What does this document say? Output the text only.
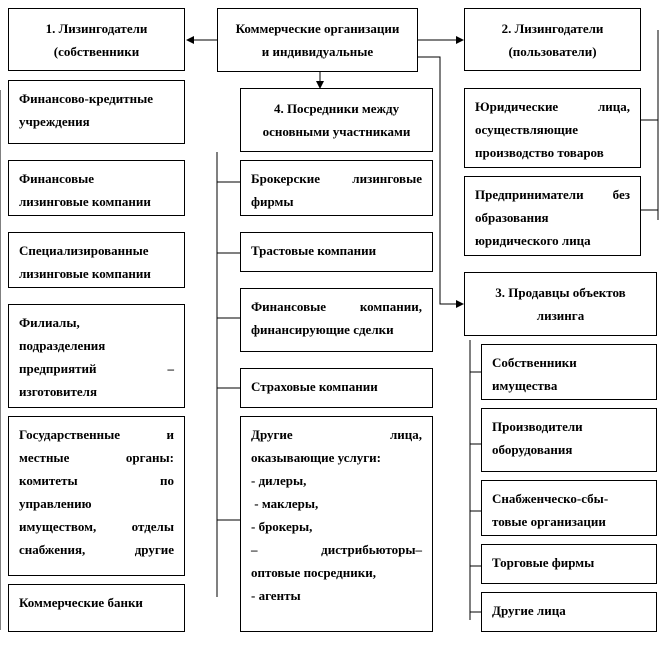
1. Лизингодатели
(собственники
Коммерческие организации
и индивидуальные
2. Лизингодатели
(пользователи)
4. Посредники между
основными участниками
3. Продавцы объектов
лизинга
Финансово-кредитные
учреждения
Финансовые
лизинговые компании
Специализированные
лизинговые компании
Филиалы,
подразделения
предприятий –
изготовителя
Государственные и
местные органы:
комитеты по
управлению
имуществом, отделы
снабжения, другие
Коммерческие банки
Брокерские лизинговые
фирмы
Трастовые компании
Финансовые компании,
финансирующие сделки
Страховые компании
Другие лица,
оказывающие услуги:
- дилеры,
- маклеры,
- брокеры,
– дистрибьюторы–
оптовые посредники,
- агенты
Юридические лица,
осуществляющие
производство товаров
Предприниматели без
образования
юридического лица
Собственники
имущества
Производители
оборудования
Снабженческо-сбы-
товые организации
Торговые фирмы
Другие лица
